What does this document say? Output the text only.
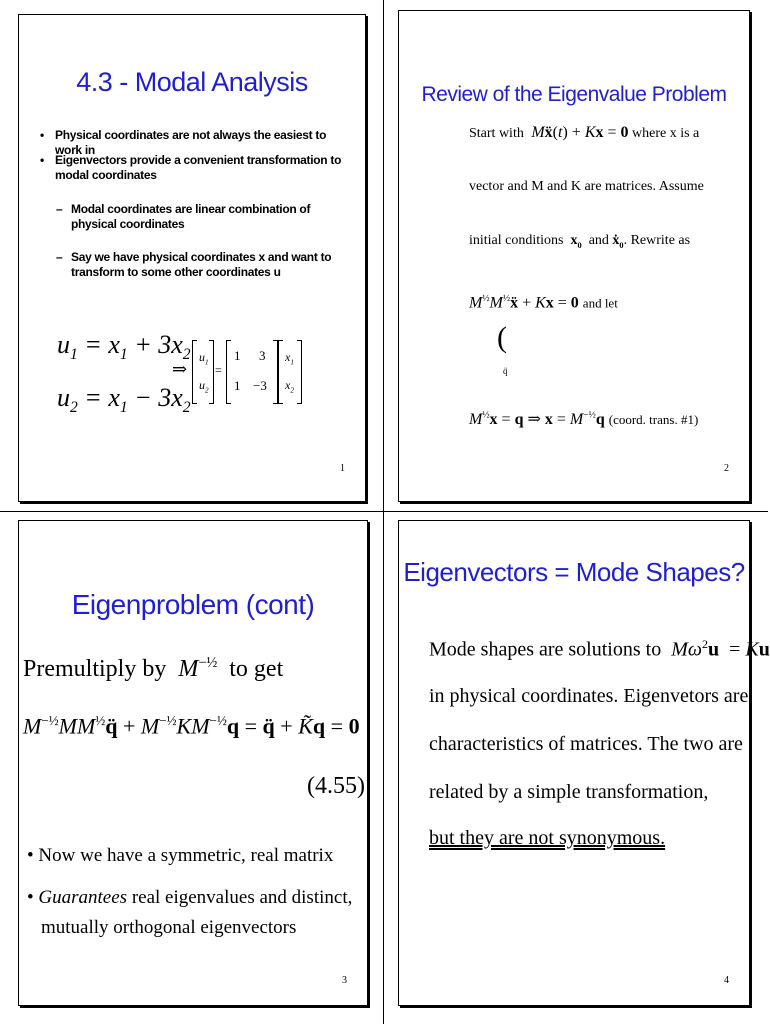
4.3 - Modal Analysis
• Physical coordinates are not always the easiest to work in
• Eigenvectors provide a convenient transformation to modal coordinates
– Modal coordinates are linear combination of physical coordinates
– Say we have physical coordinates x and want to transform to some other coordinates u
$u_1 = x_1 + 3x_2$
$u_2 = x_1 - 3x_2$
⇒
$u_1$
$u_2$
=
1 3
1 −3
$x_1$
$x_2$
1
Review of the Eigenvalue Problem
Start with  Mẍ(t) + Kx = 0 where x is a
vector and M and K are matrices. Assume
initial conditions  $x_0$  and ẋ$_0$. Rewrite as
$M^{\frac{1}{2}}M^{\frac{1}{2}}ẍ + Kx = 0$ and let
(
q̈
$M^{\frac{1}{2}}x = q$ ⇒ $x = M^{-\frac{1}{2}}q$ (coord. trans. #1)
2
Eigenproblem (cont)
Premultiply by  $M^{-\frac{1}{2}}$ to get
$M^{-\frac{1}{2}}MM^{\frac{1}{2}}q̈ + M^{-\frac{1}{2}}KM^{-\frac{1}{2}}q$ = q̈ + K̃q = 0
(4.55)
• Now we have a symmetric, real matrix
• Guarantees real eigenvalues and distinct, mutually orthogonal eigenvectors
3
Eigenvectors = Mode Shapes?
Mode shapes are solutions to  $M\omega^2u = Ku$
in physical coordinates. Eigenvetors are
characteristics of matrices. The two are
related by a simple transformation,
but they are not synonymous.
4
